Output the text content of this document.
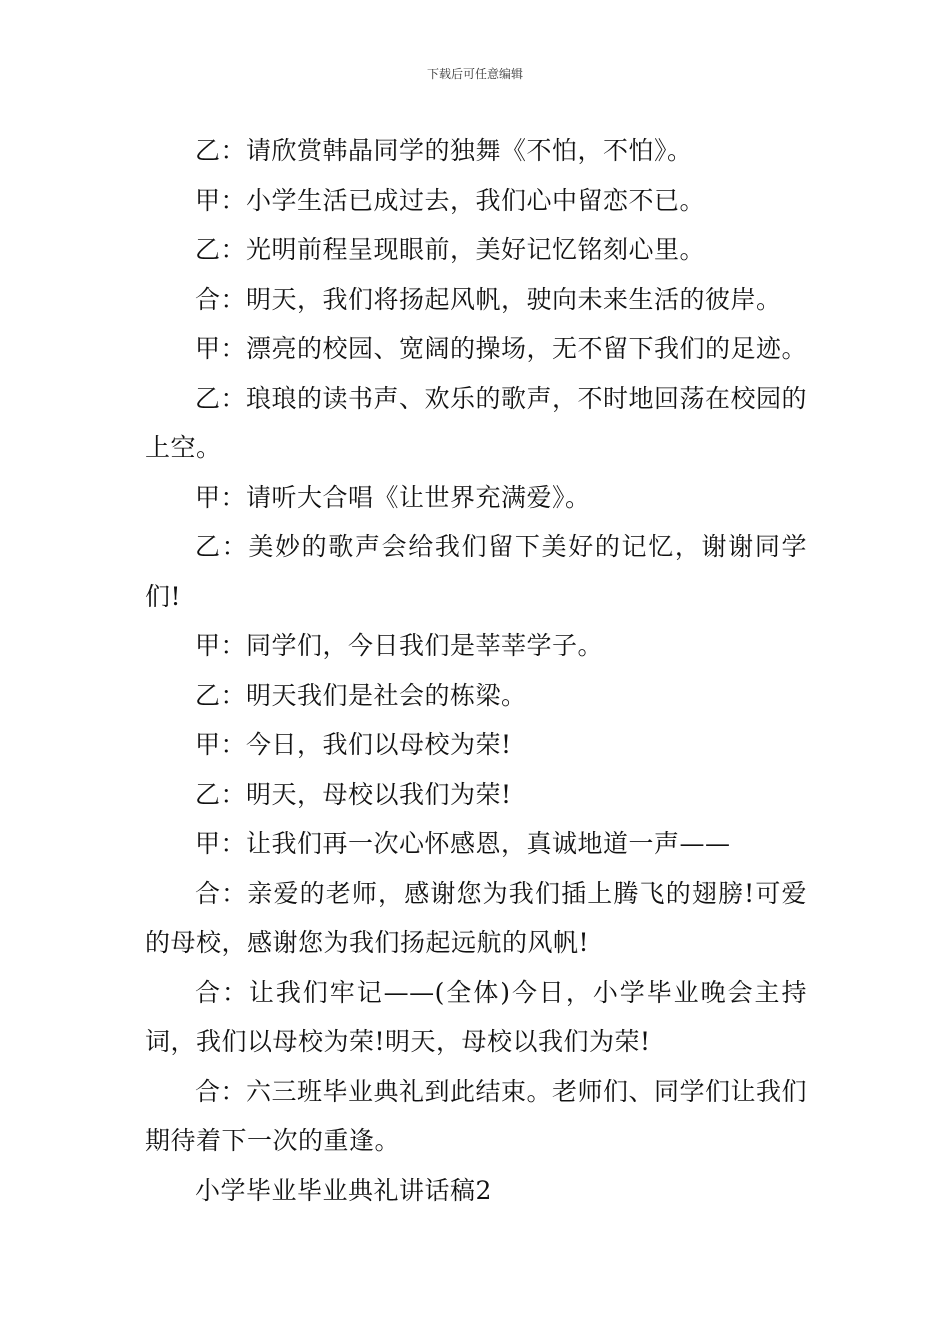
下载后可任意编辑

乙：请欣赏韩晶同学的独舞《不怕，不怕》。

甲：小学生活已成过去，我们心中留恋不已。

乙：光明前程呈现眼前，美好记忆铭刻心里。

合：明天，我们将扬起风帆，驶向未来生活的彼岸。

甲：漂亮的校园、宽阔的操场，无不留下我们的足迹。

乙：琅琅的读书声、欢乐的歌声，不时地回荡在校园的上空。

甲：请听大合唱《让世界充满爱》。

乙：美妙的歌声会给我们留下美好的记忆，谢谢同学们!

甲：同学们，今日我们是莘莘学子。

乙：明天我们是社会的栋梁。

甲：今日，我们以母校为荣!

乙：明天，母校以我们为荣!

甲：让我们再一次心怀感恩，真诚地道一声——

合：亲爱的老师，感谢您为我们插上腾飞的翅膀!可爱的母校，感谢您为我们扬起远航的风帆!

合：让我们牢记——(全体)今日，小学毕业晚会主持词，我们以母校为荣!明天，母校以我们为荣!

合：六三班毕业典礼到此结束。老师们、同学们让我们期待着下一次的重逢。

小学毕业毕业典礼讲话稿2
